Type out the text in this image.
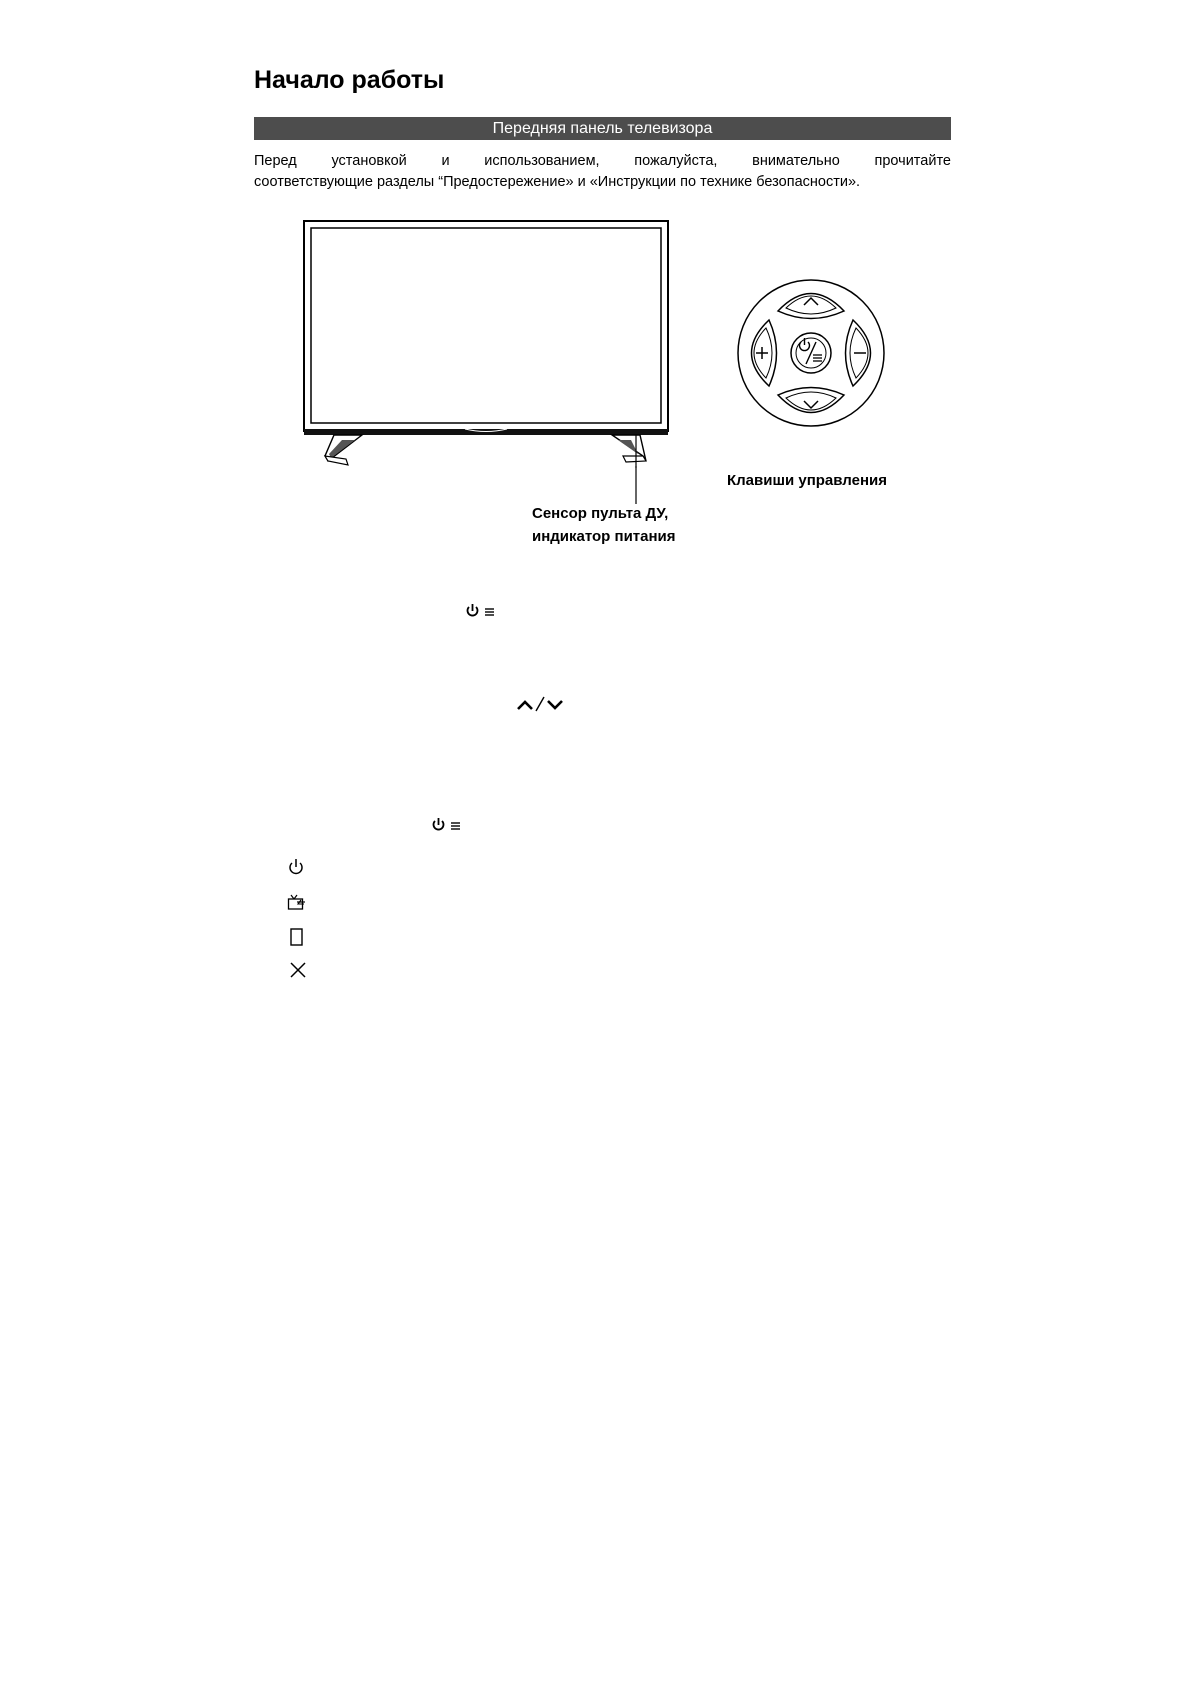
Начало работы
Передняя панель телевизора
Перед установкой и использованием, пожалуйста, внимательно прочитайте
соответствующие разделы “Предостережение» и «Инструкции по технике безопасности».
Клавиши управления
Сенсор пульта ДУ,
индикатор питания
